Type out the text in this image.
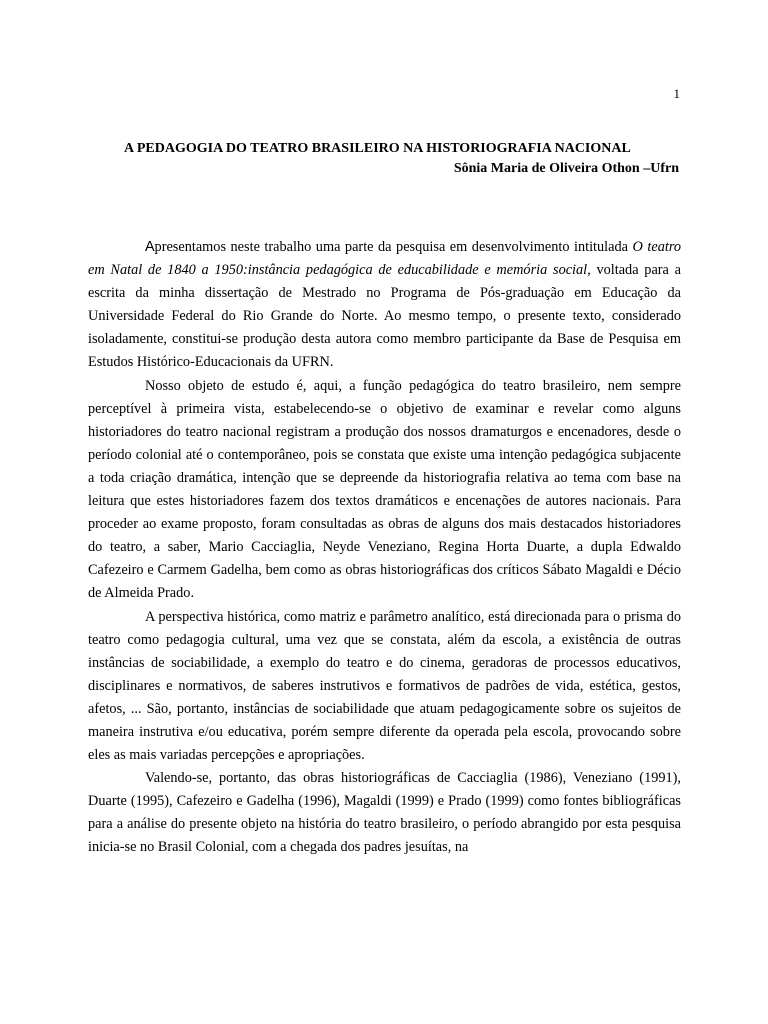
1
A PEDAGOGIA DO TEATRO BRASILEIRO NA HISTORIOGRAFIA NACIONAL
Sônia Maria de Oliveira Othon –Ufrn

Apresentamos neste trabalho uma parte da pesquisa em desenvolvimento intitulada O teatro em Natal de 1840 a 1950:instância pedagógica de educabilidade e memória social, voltada para a escrita da minha dissertação de Mestrado no Programa de Pós-graduação em Educação da Universidade Federal do Rio Grande do Norte. Ao mesmo tempo, o presente texto, considerado isoladamente, constitui-se produção desta autora como membro participante da Base de Pesquisa em Estudos Histórico-Educacionais da UFRN.

Nosso objeto de estudo é, aqui, a função pedagógica do teatro brasileiro, nem sempre perceptível à primeira vista, estabelecendo-se o objetivo de examinar e revelar como alguns historiadores do teatro nacional registram a produção dos nossos dramaturgos e encenadores, desde o período colonial até o contemporâneo, pois se constata que existe uma intenção pedagógica subjacente a toda criação dramática, intenção que se depreende da historiografia relativa ao tema com base na leitura que estes historiadores fazem dos textos dramáticos e encenações de autores nacionais. Para proceder ao exame proposto, foram consultadas as obras de alguns dos mais destacados historiadores do teatro, a saber, Mario Cacciaglia, Neyde Veneziano, Regina Horta Duarte, a dupla Edwaldo Cafezeiro e Carmem Gadelha, bem como as obras historiográficas dos críticos Sábato Magaldi e Décio de Almeida Prado.

A perspectiva histórica, como matriz e parâmetro analítico, está direcionada para o prisma do teatro como pedagogia cultural, uma vez que se constata, além da escola, a existência de outras instâncias de sociabilidade, a exemplo do teatro e do cinema, geradoras de processos educativos, disciplinares e normativos, de saberes instrutivos e formativos de padrões de vida, estética, gestos, afetos, ... São, portanto, instâncias de sociabilidade que atuam pedagogicamente sobre os sujeitos de maneira instrutiva e/ou educativa, porém sempre diferente da operada pela escola, provocando sobre eles as mais variadas percepções e apropriações.

Valendo-se, portanto, das obras historiográficas de Cacciaglia (1986), Veneziano (1991), Duarte (1995), Cafezeiro e Gadelha (1996), Magaldi (1999) e Prado (1999) como fontes bibliográficas para a análise do presente objeto na história do teatro brasileiro, o período abrangido por esta pesquisa inicia-se no Brasil Colonial, com a chegada dos padres jesuítas, na
